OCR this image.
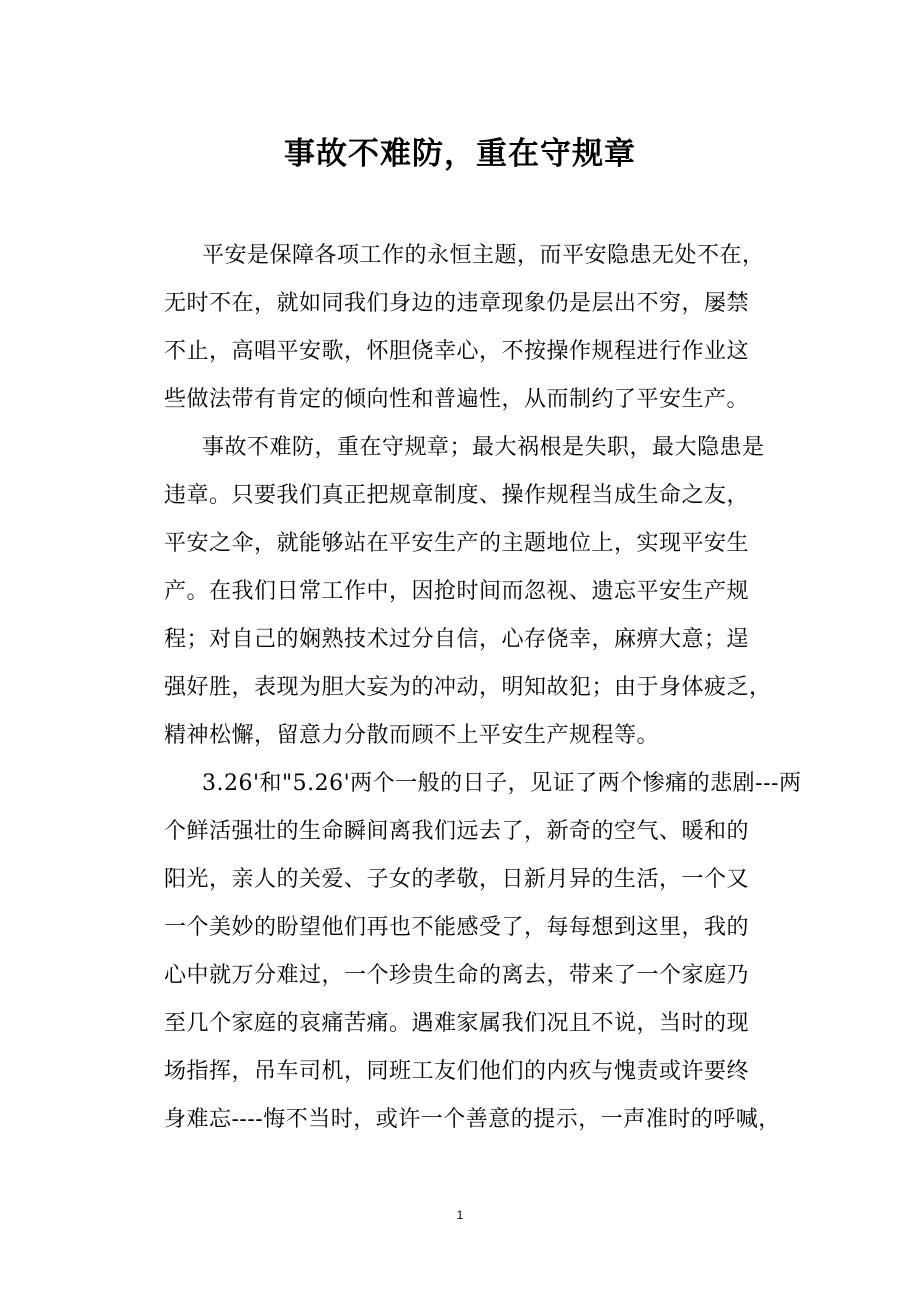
事故不难防，重在守规章
平安是保障各项工作的永恒主题，而平安隐患无处不在，
无时不在，就如同我们身边的违章现象仍是层出不穷，屡禁
不止，高唱平安歌，怀胆侥幸心，不按操作规程进行作业这
些做法带有肯定的倾向性和普遍性，从而制约了平安生产。
事故不难防，重在守规章；最大祸根是失职，最大隐患是
违章。只要我们真正把规章制度、操作规程当成生命之友，
平安之伞，就能够站在平安生产的主题地位上，实现平安生
产。在我们日常工作中，因抢时间而忽视、遗忘平安生产规
程；对自己的娴熟技术过分自信，心存侥幸，麻痹大意；逞
强好胜，表现为胆大妄为的冲动，明知故犯；由于身体疲乏，
精神松懈，留意力分散而顾不上平安生产规程等。
3.26'和"5.26'两个一般的日子，见证了两个惨痛的悲剧---两
个鲜活强壮的生命瞬间离我们远去了，新奇的空气、暖和的
阳光，亲人的关爱、子女的孝敬，日新月异的生活，一个又
一个美妙的盼望他们再也不能感受了，每每想到这里，我的
心中就万分难过，一个珍贵生命的离去，带来了一个家庭乃
至几个家庭的哀痛苦痛。遇难家属我们况且不说，当时的现
场指挥，吊车司机，同班工友们他们的内疚与愧责或许要终
身难忘----悔不当时，或许一个善意的提示，一声准时的呼喊，
1
